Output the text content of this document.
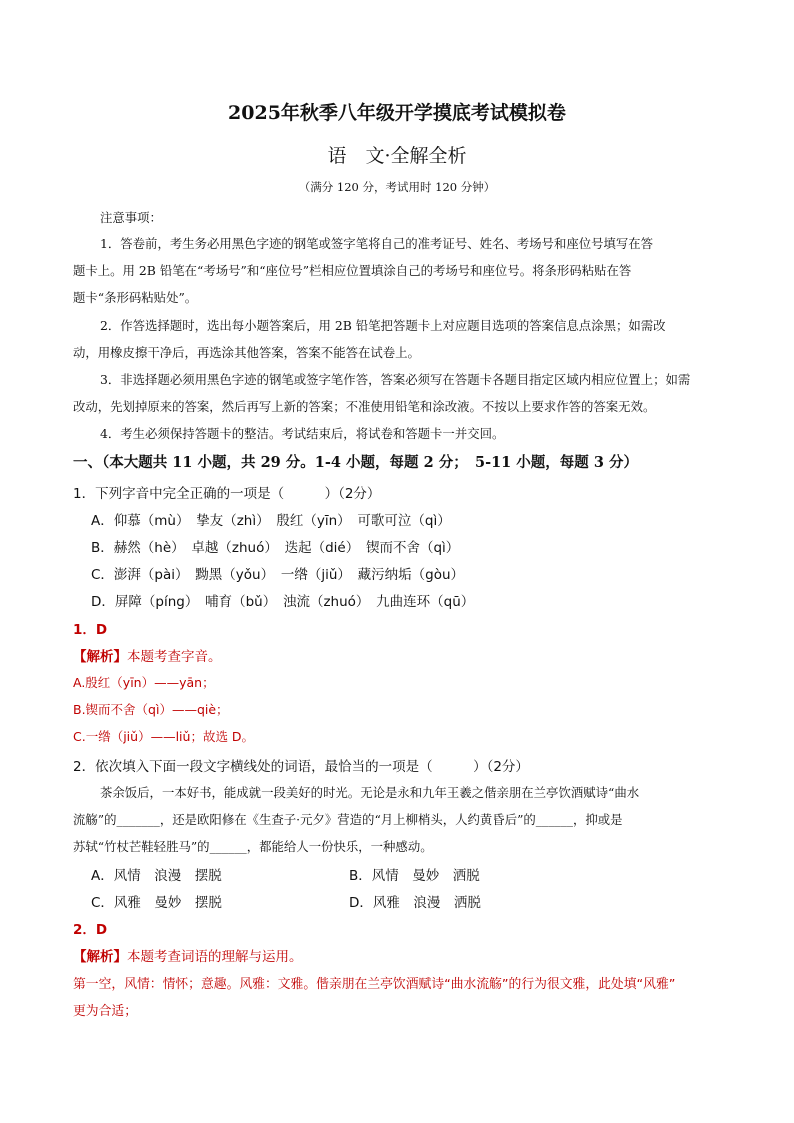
2025年秋季八年级开学摸底考试模拟卷
语　文·全解全析
（满分 120 分，考试用时 120 分钟）
注意事项：
1．答卷前，考生务必用黑色字迹的钢笔或签字笔将自己的准考证号、姓名、考场号和座位号填写在答
题卡上。用 2B 铅笔在“考场号”和“座位号”栏相应位置填涂自己的考场号和座位号。将条形码粘贴在答
题卡“条形码粘贴处”。
2．作答选择题时，选出每小题答案后，用 2B 铅笔把答题卡上对应题目选项的答案信息点涂黑；如需改
动，用橡皮擦干净后，再选涂其他答案，答案不能答在试卷上。
3．非选择题必须用黑色字迹的钢笔或签字笔作答，答案必须写在答题卡各题目指定区域内相应位置上；如需
改动，先划掉原来的答案，然后再写上新的答案；不准使用铅笔和涂改液。不按以上要求作答的答案无效。
4．考生必须保持答题卡的整洁。考试结束后，将试卷和答题卡一并交回。
一、（本大题共 11 小题，共 29 分。1-4 小题，每题 2 分；　5-11 小题，每题 3 分）
1．下列字音中完全正确的一项是（　　　）（2分）
A．仰慕（mù）　挚友（zhì）　殷红（yīn）　可歌可泣（qì）
B．赫然（hè）　卓越（zhuó）　迭起（dié）　锲而不舍（qì）
C．澎湃（pài）　黝黑（yǒu）　一绺（jiǔ）　藏污纳垢（gòu）
D．屏障（píng）　哺育（bǔ）　浊流（zhuó）　九曲连环（qū）
1．D
【解析】本题考查字音。
A.殷红（yīn）——yān；
B.锲而不舍（qì）——qiè；
C.一绺（jiǔ）——liǔ；故选 D。
2．依次填入下面一段文字横线处的词语，最恰当的一项是（　　　）（2分）
茶余饭后，一本好书，能成就一段美好的时光。无论是永和九年王羲之偕亲朋在兰亭饮酒赋诗“曲水
流觞”的_______，还是欧阳修在《生查子·元夕》营造的“月上柳梢头，人约黄昏后”的______，抑或是
苏轼“竹杖芒鞋轻胜马”的______，都能给人一份快乐，一种感动。
A．风情　浪漫　摆脱	B．风情　曼妙　洒脱
C．风雅　曼妙　摆脱	D．风雅　浪漫　洒脱
2．D
【解析】本题考查词语的理解与运用。
第一空，风情：情怀；意趣。风雅：文雅。偕亲朋在兰亭饮酒赋诗“曲水流觞”的行为很文雅，此处填“风雅”
更为合适；
